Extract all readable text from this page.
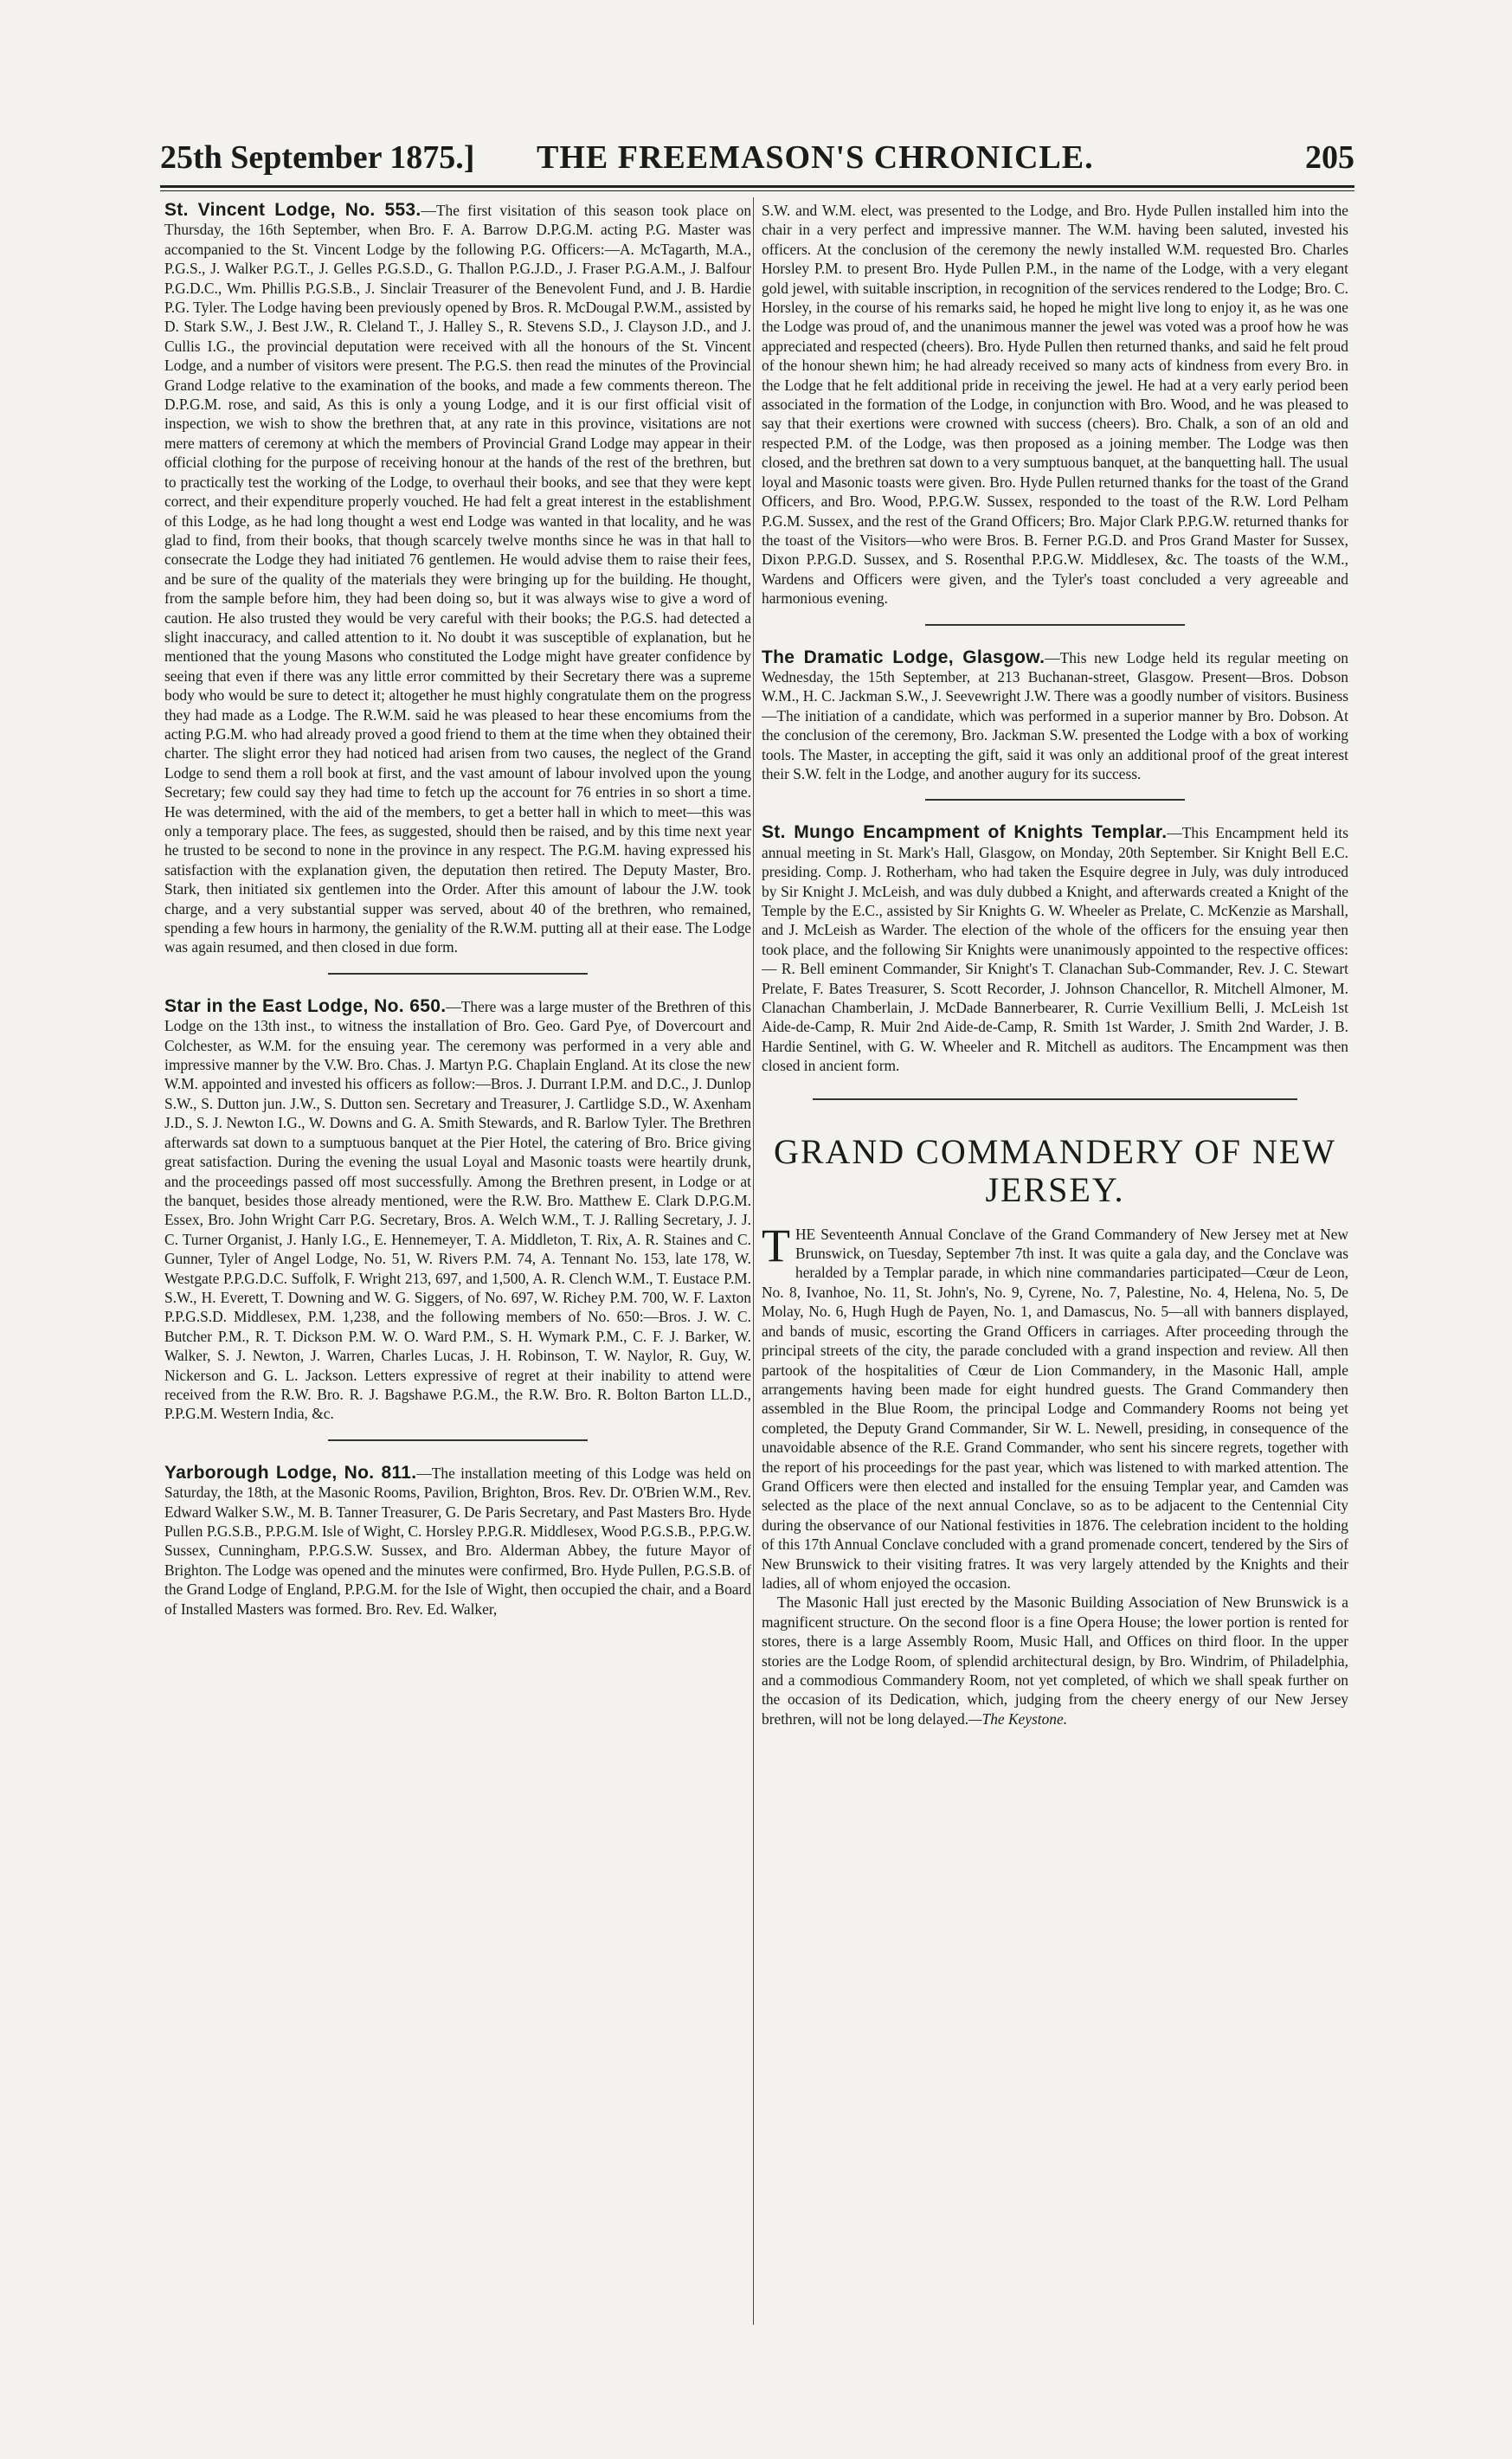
25th September 1875.] THE FREEMASON'S CHRONICLE.	205

St. Vincent Lodge, No. 553.—The first visitation of this season took place on Thursday, the 16th September, when Bro. F. A. Barrow D.P.G.M. acting P.G. Master was accompanied to the St. Vincent Lodge by the following P.G. Officers:—A. McTagarth, M.A., P.G.S., J. Walker P.G.T., J. Gelles P.G.S.D., G. Thallon P.G.J.D., J. Fraser P.G.A.M., J. Balfour P.G.D.C., Wm. Phillis P.G.S.B., J. Sinclair Treasurer of the Benevolent Fund, and J. B. Hardie P.G. Tyler. The Lodge having been previously opened by Bros. R. McDougal P.W.M., assisted by D. Stark S.W., J. Best J.W., R. Cleland T., J. Halley S., R. Stevens S.D., J. Clayson J.D., and J. Cullis I.G., the provincial deputation were received with all the honours of the St. Vincent Lodge, and a number of visitors were present. The P.G.S. then read the minutes of the Provincial Grand Lodge relative to the examination of the books, and made a few comments thereon. The D.P.G.M. rose, and said, As this is only a young Lodge, and it is our first official visit of inspection, we wish to show the brethren that, at any rate in this province, visitations are not mere matters of ceremony at which the members of Provincial Grand Lodge may appear in their official clothing for the purpose of receiving honour at the hands of the rest of the brethren, but to practically test the working of the Lodge, to overhaul their books, and see that they were kept correct, and their expenditure properly vouched. He had felt a great interest in the establishment of this Lodge, as he had long thought a west end Lodge was wanted in that locality, and he was glad to find, from their books, that though scarcely twelve months since he was in that hall to consecrate the Lodge they had initiated 76 gentlemen. He would advise them to raise their fees, and be sure of the quality of the materials they were bringing up for the building. He thought, from the sample before him, they had been doing so, but it was always wise to give a word of caution. He also trusted they would be very careful with their books; the P.G.S. had detected a slight inaccuracy, and called attention to it. No doubt it was susceptible of explanation, but he mentioned that the young Masons who constituted the Lodge might have greater confidence by seeing that even if there was any little error committed by their Secretary there was a supreme body who would be sure to detect it; altogether he must highly congratulate them on the progress they had made as a Lodge. The R.W.M. said he was pleased to hear these encomiums from the acting P.G.M. who had already proved a good friend to them at the time when they obtained their charter. The slight error they had noticed had arisen from two causes, the neglect of the Grand Lodge to send them a roll book at first, and the vast amount of labour involved upon the young Secretary; few could say they had time to fetch up the account for 76 entries in so short a time. He was determined, with the aid of the members, to get a better hall in which to meet—this was only a temporary place. The fees, as suggested, should then be raised, and by this time next year he trusted to be second to none in the province in any respect. The P.G.M. having expressed his satisfaction with the explanation given, the deputation then retired. The Deputy Master, Bro. Stark, then initiated six gentlemen into the Order. After this amount of labour the J.W. took charge, and a very substantial supper was served, about 40 of the brethren, who remained, spending a few hours in harmony, the geniality of the R.W.M. putting all at their ease. The Lodge was again resumed, and then closed in due form.

Star in the East Lodge, No. 650.—There was a large muster of the Brethren of this Lodge on the 13th inst., to witness the installation of Bro. Geo. Gard Pye, of Dovercourt and Colchester, as W.M. for the ensuing year. The ceremony was performed in a very able and impressive manner by the V.W. Bro. Chas. J. Martyn P.G. Chaplain England. At its close the new W.M. appointed and invested his officers as follow:—Bros. J. Durrant I.P.M. and D.C., J. Dunlop S.W., S. Dutton jun. J.W., S. Dutton sen. Secretary and Treasurer, J. Cartlidge S.D., W. Axenham J.D., S. J. Newton I.G., W. Downs and G. A. Smith Stewards, and R. Barlow Tyler. The Brethren afterwards sat down to a sumptuous banquet at the Pier Hotel, the catering of Bro. Brice giving great satisfaction. During the evening the usual Loyal and Masonic toasts were heartily drunk, and the proceedings passed off most successfully. Among the Brethren present, in Lodge or at the banquet, besides those already mentioned, were the R.W. Bro. Matthew E. Clark D.P.G.M. Essex, Bro. John Wright Carr P.G. Secretary, Bros. A. Welch W.M., T. J. Ralling Secretary, J. J. C. Turner Organist, J. Hanly I.G., E. Hennemeyer, T. A. Middleton, T. Rix, A. R. Staines and C. Gunner, Tyler of Angel Lodge, No. 51, W. Rivers P.M. 74, A. Tennant No. 153, late 178, W. Westgate P.P.G.D.C. Suffolk, F. Wright 213, 697, and 1,500, A. R. Clench W.M., T. Eustace P.M. S.W., H. Everett, T. Downing and W. G. Siggers, of No. 697, W. Richey P.M. 700, W. F. Laxton P.P.G.S.D. Middlesex, P.M. 1,238, and the following members of No. 650:—Bros. J. W. C. Butcher P.M., R. T. Dickson P.M. W. O. Ward P.M., S. H. Wymark P.M., C. F. J. Barker, W. Walker, S. J. Newton, J. Warren, Charles Lucas, J. H. Robinson, T. W. Naylor, R. Guy, W. Nickerson and G. L. Jackson. Letters expressive of regret at their inability to attend were received from the R.W. Bro. R. J. Bagshawe P.G.M., the R.W. Bro. R. Bolton Barton LL.D., P.P.G.M. Western India, &c.

Yarborough Lodge, No. 811.—The installation meeting of this Lodge was held on Saturday, the 18th, at the Masonic Rooms, Pavilion, Brighton, Bros. Rev. Dr. O'Brien W.M., Rev. Edward Walker S.W., M. B. Tanner Treasurer, G. De Paris Secretary, and Past Masters Bro. Hyde Pullen P.G.S.B., P.P.G.M. Isle of Wight, C. Horsley P.P.G.R. Middlesex, Wood P.G.S.B., P.P.G.W. Sussex, Cunningham, P.P.G.S.W. Sussex, and Bro. Alderman Abbey, the future Mayor of Brighton. The Lodge was opened and the minutes were confirmed, Bro. Hyde Pullen, P.G.S.B. of the Grand Lodge of England, P.P.G.M. for the Isle of Wight, then occupied the chair, and a Board of Installed Masters was formed. Bro. Rev. Ed. Walker,

S.W. and W.M. elect, was presented to the Lodge, and Bro. Hyde Pullen installed him into the chair in a very perfect and impressive manner. The W.M. having been saluted, invested his officers. At the conclusion of the ceremony the newly installed W.M. requested Bro. Charles Horsley P.M. to present Bro. Hyde Pullen P.M., in the name of the Lodge, with a very elegant gold jewel, with suitable inscription, in recognition of the services rendered to the Lodge; Bro. C. Horsley, in the course of his remarks said, he hoped he might live long to enjoy it, as he was one the Lodge was proud of, and the unanimous manner the jewel was voted was a proof how he was appreciated and respected (cheers). Bro. Hyde Pullen then returned thanks, and said he felt proud of the honour shewn him; he had already received so many acts of kindness from every Bro. in the Lodge that he felt additional pride in receiving the jewel. He had at a very early period been associated in the formation of the Lodge, in conjunction with Bro. Wood, and he was pleased to say that their exertions were crowned with success (cheers). Bro. Chalk, a son of an old and respected P.M. of the Lodge, was then proposed as a joining member. The Lodge was then closed, and the brethren sat down to a very sumptuous banquet, at the banquetting hall. The usual loyal and Masonic toasts were given. Bro. Hyde Pullen returned thanks for the toast of the Grand Officers, and Bro. Wood, P.P.G.W. Sussex, responded to the toast of the R.W. Lord Pelham P.G.M. Sussex, and the rest of the Grand Officers; Bro. Major Clark P.P.G.W. returned thanks for the toast of the Visitors—who were Bros. B. Ferner P.G.D. and Pros Grand Master for Sussex, Dixon P.P.G.D. Sussex, and S. Rosenthal P.P.G.W. Middlesex, &c. The toasts of the W.M., Wardens and Officers were given, and the Tyler's toast concluded a very agreeable and harmonious evening.

The Dramatic Lodge, Glasgow.—This new Lodge held its regular meeting on Wednesday, the 15th September, at 213 Buchanan-street, Glasgow. Present—Bros. Dobson W.M., H. C. Jackman S.W., J. Seevewright J.W. There was a goodly number of visitors. Business—The initiation of a candidate, which was performed in a superior manner by Bro. Dobson. At the conclusion of the ceremony, Bro. Jackman S.W. presented the Lodge with a box of working tools. The Master, in accepting the gift, said it was only an additional proof of the great interest their S.W. felt in the Lodge, and another augury for its success.

St. Mungo Encampment of Knights Templar.—This Encampment held its annual meeting in St. Mark's Hall, Glasgow, on Monday, 20th September. Sir Knight Bell E.C. presiding. Comp. J. Rotherham, who had taken the Esquire degree in July, was duly introduced by Sir Knight J. McLeish, and was duly dubbed a Knight, and afterwards created a Knight of the Temple by the E.C., assisted by Sir Knights G. W. Wheeler as Prelate, C. McKenzie as Marshall, and J. McLeish as Warder. The election of the whole of the officers for the ensuing year then took place, and the following Sir Knights were unanimously appointed to the respective offices:— R. Bell eminent Commander, Sir Knight's T. Clanachan Sub-Commander, Rev. J. C. Stewart Prelate, F. Bates Treasurer, S. Scott Recorder, J. Johnson Chancellor, R. Mitchell Almoner, M. Clanachan Chamberlain, J. McDade Bannerbearer, R. Currie Vexillium Belli, J. McLeish 1st Aide-de-Camp, R. Muir 2nd Aide-de-Camp, R. Smith 1st Warder, J. Smith 2nd Warder, J. B. Hardie Sentinel, with G. W. Wheeler and R. Mitchell as auditors. The Encampment was then closed in ancient form.

GRAND COMMANDERY OF NEW JERSEY.

THE Seventeenth Annual Conclave of the Grand Commandery of New Jersey met at New Brunswick, on Tuesday, September 7th inst. It was quite a gala day, and the Conclave was heralded by a Templar parade, in which nine commandaries participated—Cœur de Leon, No. 8, Ivanhoe, No. 11, St. John's, No. 9, Cyrene, No. 7, Palestine, No. 4, Helena, No. 5, De Molay, No. 6, Hugh Hugh de Payen, No. 1, and Damascus, No. 5—all with banners displayed, and bands of music, escorting the Grand Officers in carriages. After proceeding through the principal streets of the city, the parade concluded with a grand inspection and review. All then partook of the hospitalities of Cœur de Lion Commandery, in the Masonic Hall, ample arrangements having been made for eight hundred guests. The Grand Commandery then assembled in the Blue Room, the principal Lodge and Commandery Rooms not being yet completed, the Deputy Grand Commander, Sir W. L. Newell, presiding, in consequence of the unavoidable absence of the R.E. Grand Commander, who sent his sincere regrets, together with the report of his proceedings for the past year, which was listened to with marked attention. The Grand Officers were then elected and installed for the ensuing Templar year, and Camden was selected as the place of the next annual Conclave, so as to be adjacent to the Centennial City during the observance of our National festivities in 1876. The celebration incident to the holding of this 17th Annual Conclave concluded with a grand promenade concert, tendered by the Sirs of New Brunswick to their visiting fratres. It was very largely attended by the Knights and their ladies, all of whom enjoyed the occasion.

The Masonic Hall just erected by the Masonic Building Association of New Brunswick is a magnificent structure. On the second floor is a fine Opera House; the lower portion is rented for stores, there is a large Assembly Room, Music Hall, and Offices on third floor. In the upper stories are the Lodge Room, of splendid architectural design, by Bro. Windrim, of Philadelphia, and a commodious Commandery Room, not yet completed, of which we shall speak further on the occasion of its Dedication, which, judging from the cheery energy of our New Jersey brethren, will not be long delayed.—The Keystone.
